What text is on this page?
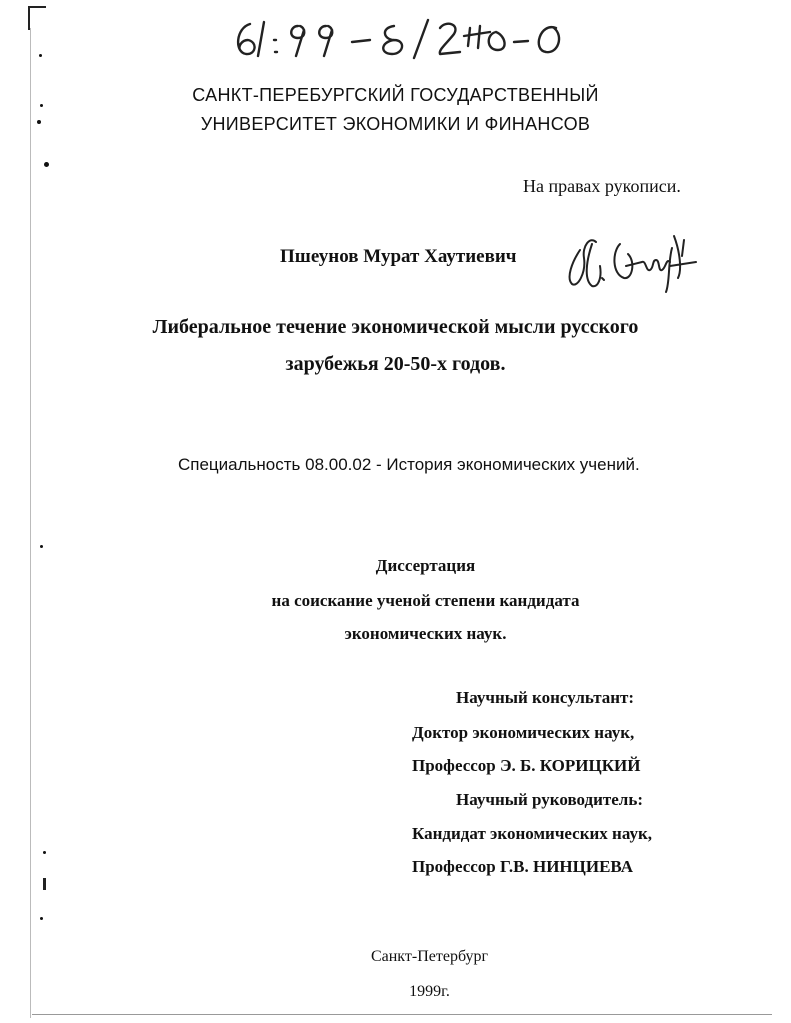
САНКТ-ПЕРЕБУРГСКИЙ ГОСУДАРСТВЕННЫЙ
УНИВЕРСИТЕТ ЭКОНОМИКИ И ФИНАНСОВ
На правах рукописи.
Пшеунов Мурат Хаутиевич
Либеральное течение экономической мысли русского
зарубежья 20-50-х годов.
Специальность 08.00.02 - История экономических учений.
Диссертация
на соискание ученой степени кандидата
экономических наук.
Научный консультант:
Доктор экономических наук,
Профессор Э. Б. КОРИЦКИЙ
Научный руководитель:
Кандидат экономических наук,
Профессор Г.В. НИНЦИЕВА
Санкт-Петербург
1999г.
